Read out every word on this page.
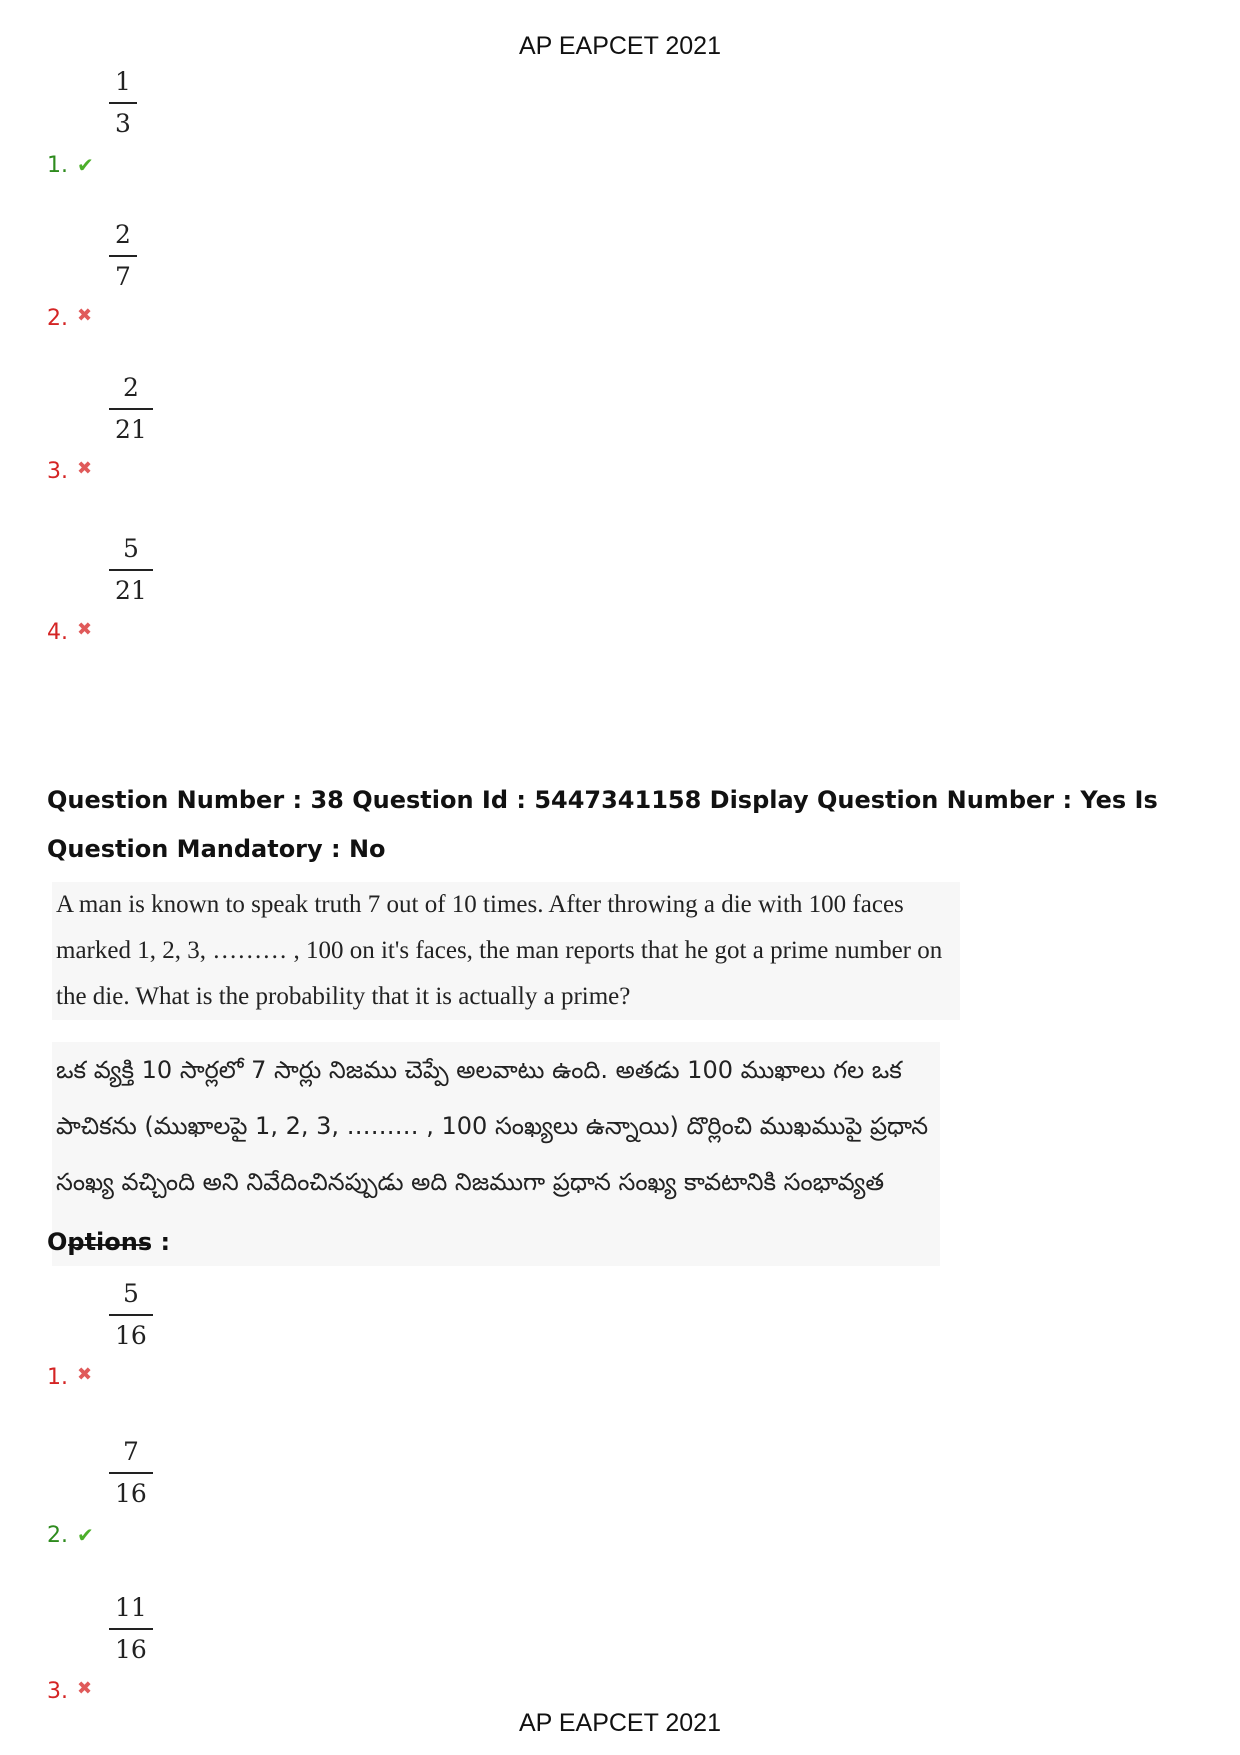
AP EAPCET 2021
1. ✔
1
3
2. ✖
2
7
3. ✖
2
21
4. ✖
5
21
Question Number : 38 Question Id : 5447341158 Display Question Number : Yes Is Question Mandatory : No
A man is known to speak truth 7 out of 10 times. After throwing a die with 100 faces marked 1, 2, 3, ……… , 100 on it's faces, the man reports that he got a prime number on the die. What is the probability that it is actually a prime?
ఒక వ్యక్తి 10 సార్లలో 7 సార్లు నిజము చెప్పే అలవాటు ఉంది. అతడు 100 ముఖాలు గల ఒక పాచికను (ముఖాలపై 1, 2, 3, ……… , 100 సంఖ్యలు ఉన్నాయి) దొర్లించి ముఖముపై ప్రధాన సంఖ్య వచ్చింది అని నివేదించినప్పుడు అది నిజముగా ప్రధాన సంఖ్య కావటానికి సంభావ్యత
Options :
1. ✖
5
16
2. ✔
7
16
3. ✖
11
16
AP EAPCET 2021
